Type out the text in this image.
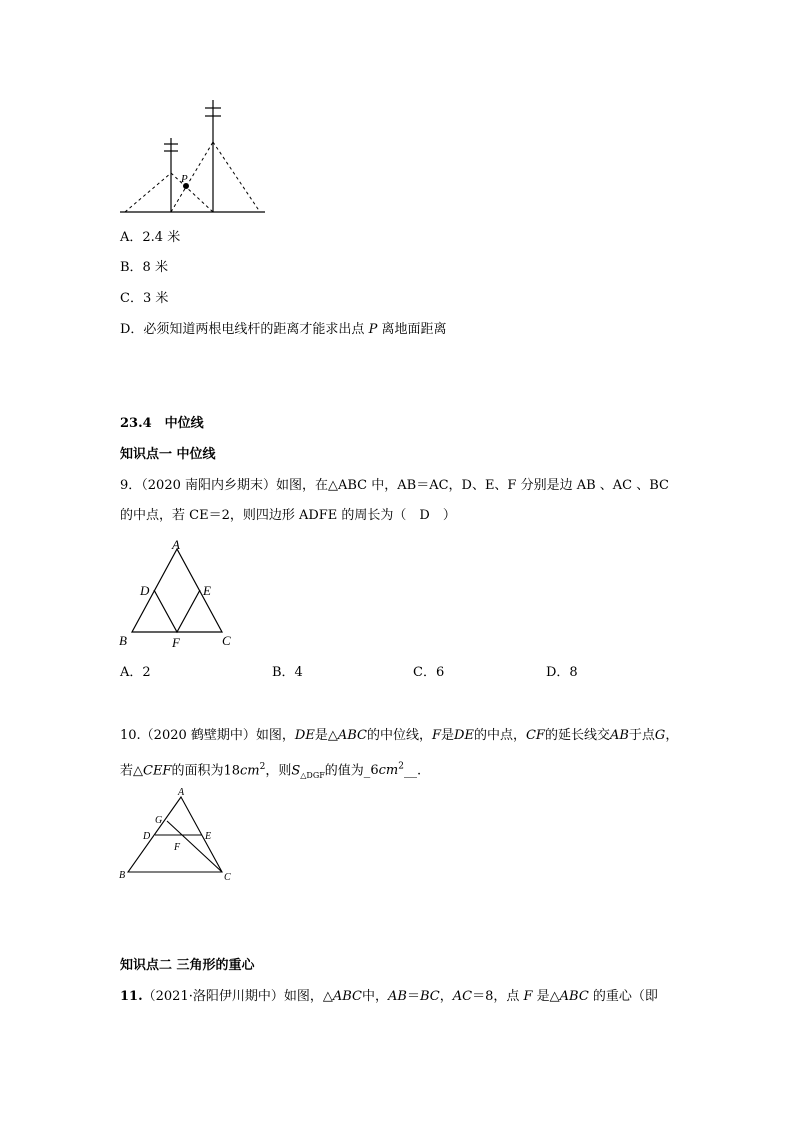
P
A．2.4 米
B．8 米
C．3 米
D．必须知道两根电线杆的距离才能求出点 P 离地面距离
23.4　中位线
知识点一 中位线
9．（2020 南阳内乡期末）如图，在△ABC 中，AB＝AC，D、E、F 分别是边 AB 、AC 、BC
的中点，若 CE＝2，则四边形 ADFE 的周长为（　D　）
A
D	E
B	F	C
A．2	B．4	C．6	D．8
10.（2020 鹤壁期中）如图，DE是△ABC的中位线，F是DE的中点，CF的延长线交AB于点G，
若△CEF的面积为$18cm^2$，则$S_{\triangle DGF}$的值为$\_6cm^2\_\_$.
A
G
D	E
F
B	C
知识点二 三角形的重心
11.（2021·洛阳伊川期中）如图，△ABC中，AB＝BC，AC＝8，点 F 是△ABC 的重心（即
